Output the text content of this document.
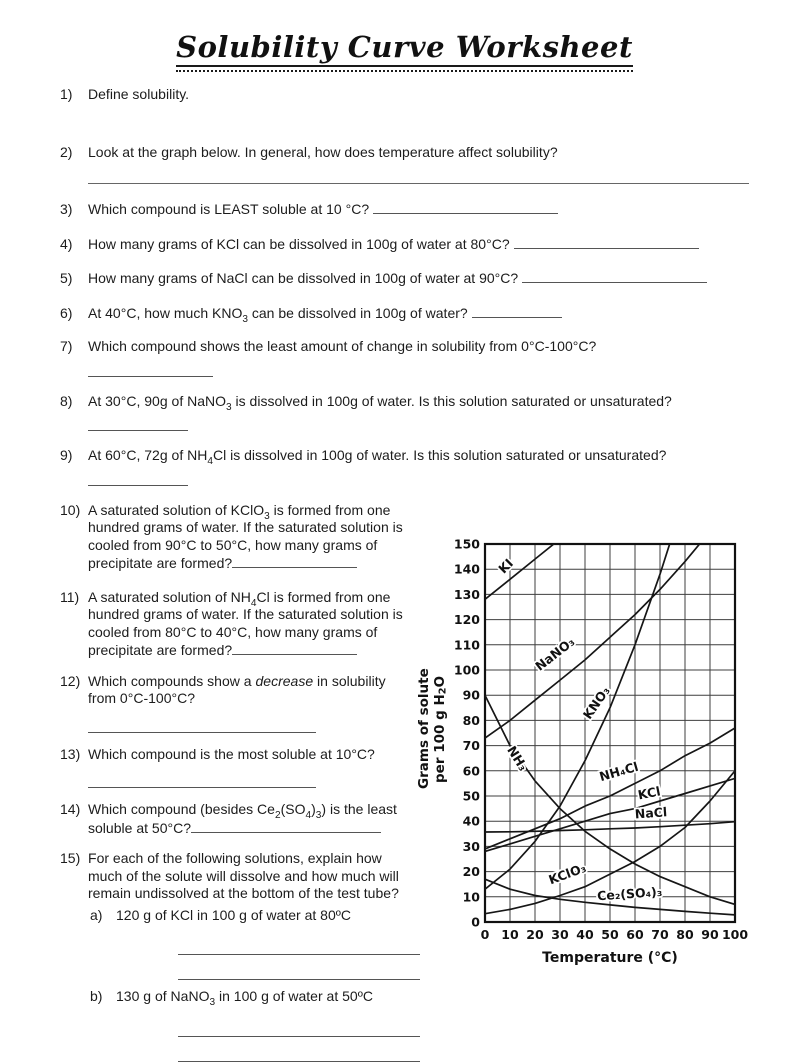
Solubility Curve Worksheet
1) Define solubility.
2) Look at the graph below. In general, how does temperature affect solubility?
3) Which compound is LEAST soluble at 10 °C?
4) How many grams of KCl can be dissolved in 100g of water at 80°C?
5) How many grams of NaCl can be dissolved in 100g of water at 90°C?
6) At 40°C, how much $KNO_3$ can be dissolved in 100g of water?
7) Which compound shows the least amount of change in solubility from 0°C-100°C?
8) At 30°C, 90g of NaNO$_3$ is dissolved in 100g of water. Is this solution saturated or unsaturated?
9) At 60°C, 72g of $NH_4Cl$ is dissolved in 100g of water. Is this solution saturated or unsaturated?
Grams of solute
per 100 g $H_2O$
KI
NaNO₃
KNO₃
NH₃	NH₄Cl
KCl
NaCl
KClO₃
Ce₂(SO₄)₃
0
10
20
30
40
50
60
70
80
90
100
110
120
130
140
150
0 10 20 30 40 50 60 70 80 90 100
Temperature (°C)
10) A saturated solution of KClO$_3$ is formed from one hundred grams of water. If the saturated solution is cooled from 90°C to 50°C, how many grams of precipitate are formed?
11) A saturated solution of $NH_4Cl$ is formed from one hundred grams of water. If the saturated solution is cooled from 80°C to 40°C, how many grams of precipitate are formed?
12) Which compounds show a decrease in solubility from 0°C-100°C?
13) Which compound is the most soluble at 10°C?
14) Which compound (besides $Ce_2(SO_4)_3$) is the least soluble at 50°C?
15) For each of the following solutions, explain how much of the solute will dissolve and how much will remain undissolved at the bottom of the test tube?
a) 120 g of KCl in 100 g of water at 80ºC
b) 130 g of NaNO$_3$ in 100 g of water at 50ºC
